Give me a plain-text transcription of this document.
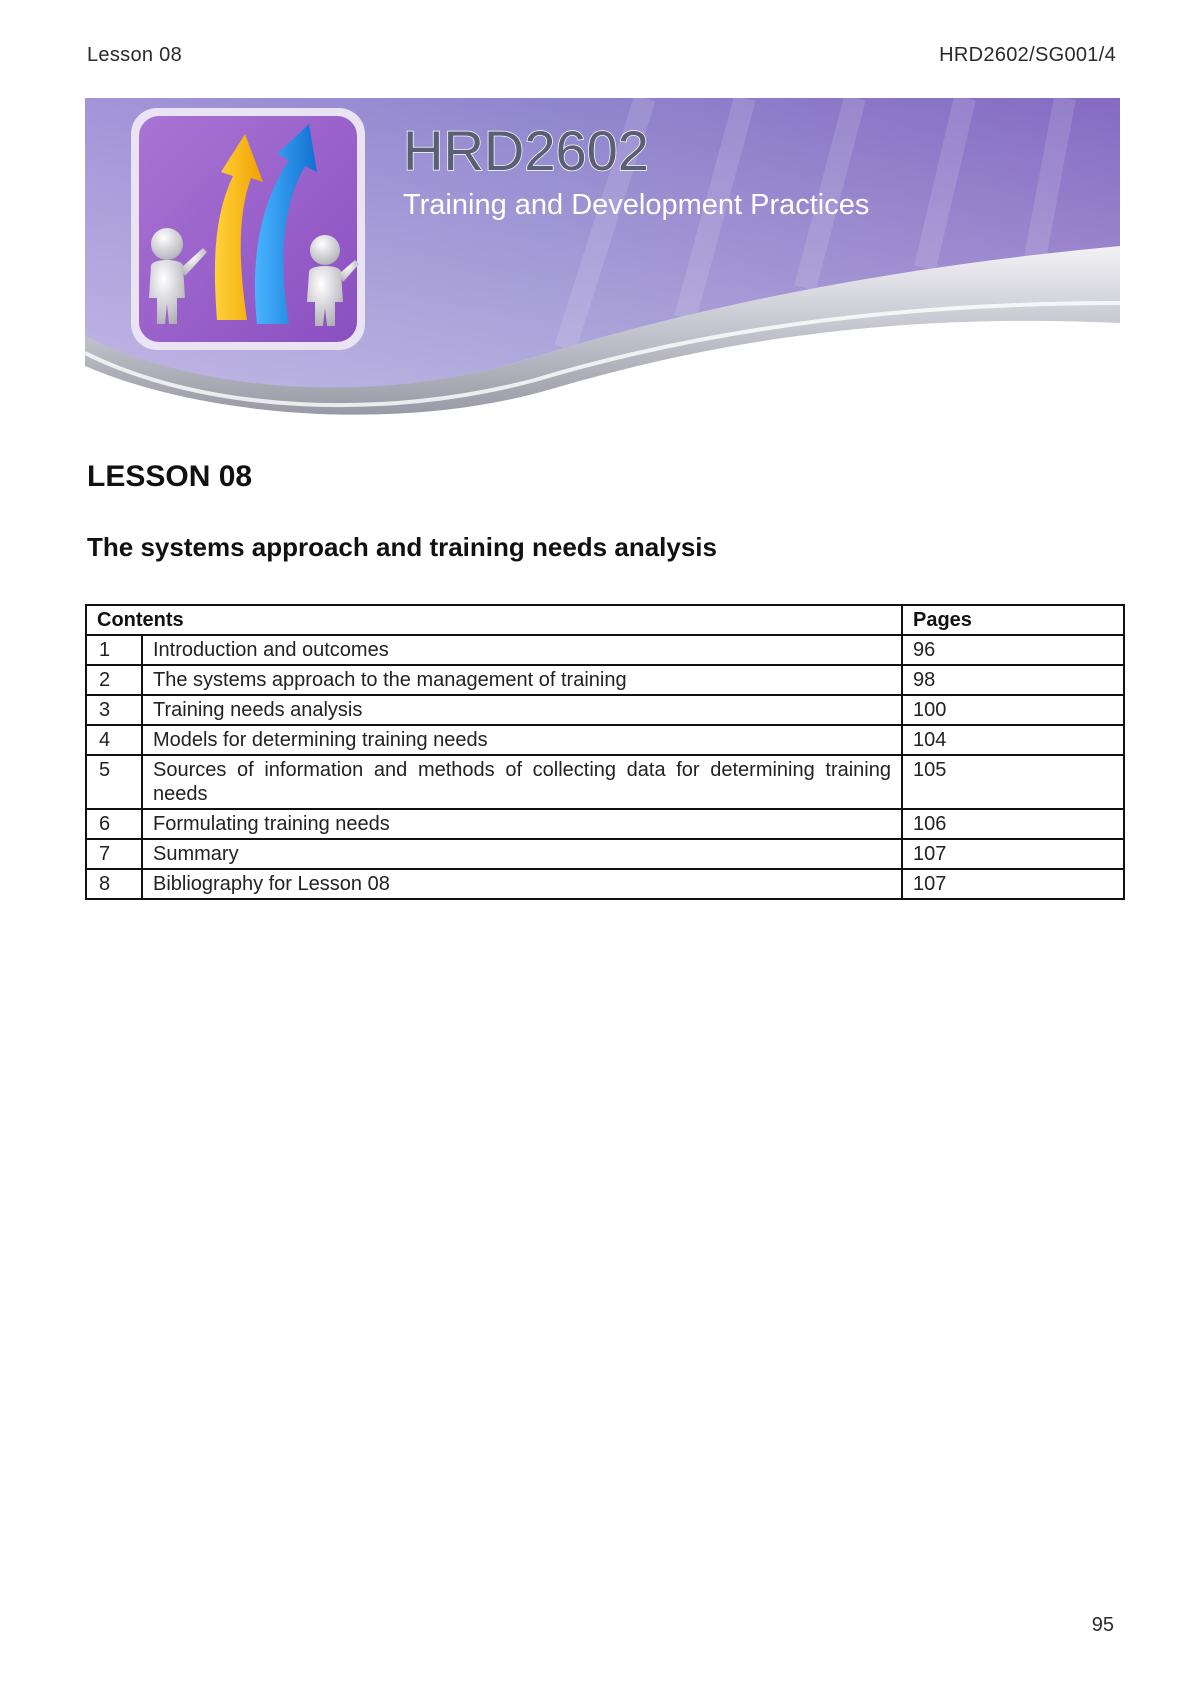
Lesson 08	HRD2602/SG001/4
HRD2602
Training and Development Practices
LESSON 08
The systems approach and training needs analysis
Contents		Pages
1	Introduction and outcomes	96
2	The systems approach to the management of training	98
3	Training needs analysis	100
4	Models for determining training needs	104
5	Sources of information and methods of collecting data for determining training needs	105
6	Formulating training needs	106
7	Summary	107
8	Bibliography for Lesson 08	107
95
